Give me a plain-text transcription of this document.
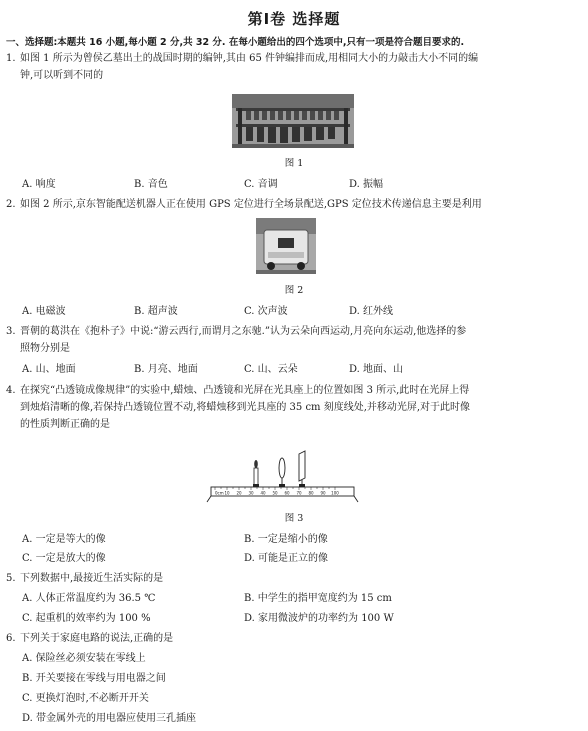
第Ⅰ卷 选择题
一、选择题:本题共 16 小题,每小题 2 分,共 32 分. 在每小题给出的四个选项中,只有一项是符合题目要求的.
1. 如图 1 所示为曾侯乙墓出土的战国时期的编钟,其由 65 件钟编排而成,用相同大小的力敲击大小不同的编
钟,可以听到不同的
图 1
A. 响度	B. 音色	C. 音调	D. 振幅
2. 如图 2 所示,京东智能配送机器人正在使用 GPS 定位进行全场景配送,GPS 定位技术传递信息主要是利用
图 2
A. 电磁波	B. 超声波	C. 次声波	D. 红外线
3. 晋朝的葛洪在《抱朴子》中说:“游云西行,而谓月之东驰.”认为云朵向西运动,月亮向东运动,他选择的参
照物分别是
A. 山、地面	B. 月亮、地面	C. 山、云朵	D. 地面、山
4. 在探究“凸透镜成像规律”的实验中,蜡烛、凸透镜和光屏在光具座上的位置如图 3 所示,此时在光屏上得
到烛焰清晰的像,若保持凸透镜位置不动,将蜡烛移到光具座的 35 cm 刻度线处,并移动光屏,对于此时像
的性质判断正确的是
10 20 30 40 50 60 70 80 90 100
0cm
图 3
A. 一定是等大的像	B. 一定是缩小的像
C. 一定是放大的像	D. 可能是正立的像
5. 下列数据中,最接近生活实际的是
A. 人体正常温度约为 36.5 ℃	B. 中学生的指甲宽度约为 15 cm
C. 起重机的效率约为 100 %	D. 家用微波炉的功率约为 100 W
6. 下列关于家庭电路的说法,正确的是
A. 保险丝必须安装在零线上
B. 开关要接在零线与用电器之间
C. 更换灯泡时,不必断开开关
D. 带金属外壳的用电器应使用三孔插座
